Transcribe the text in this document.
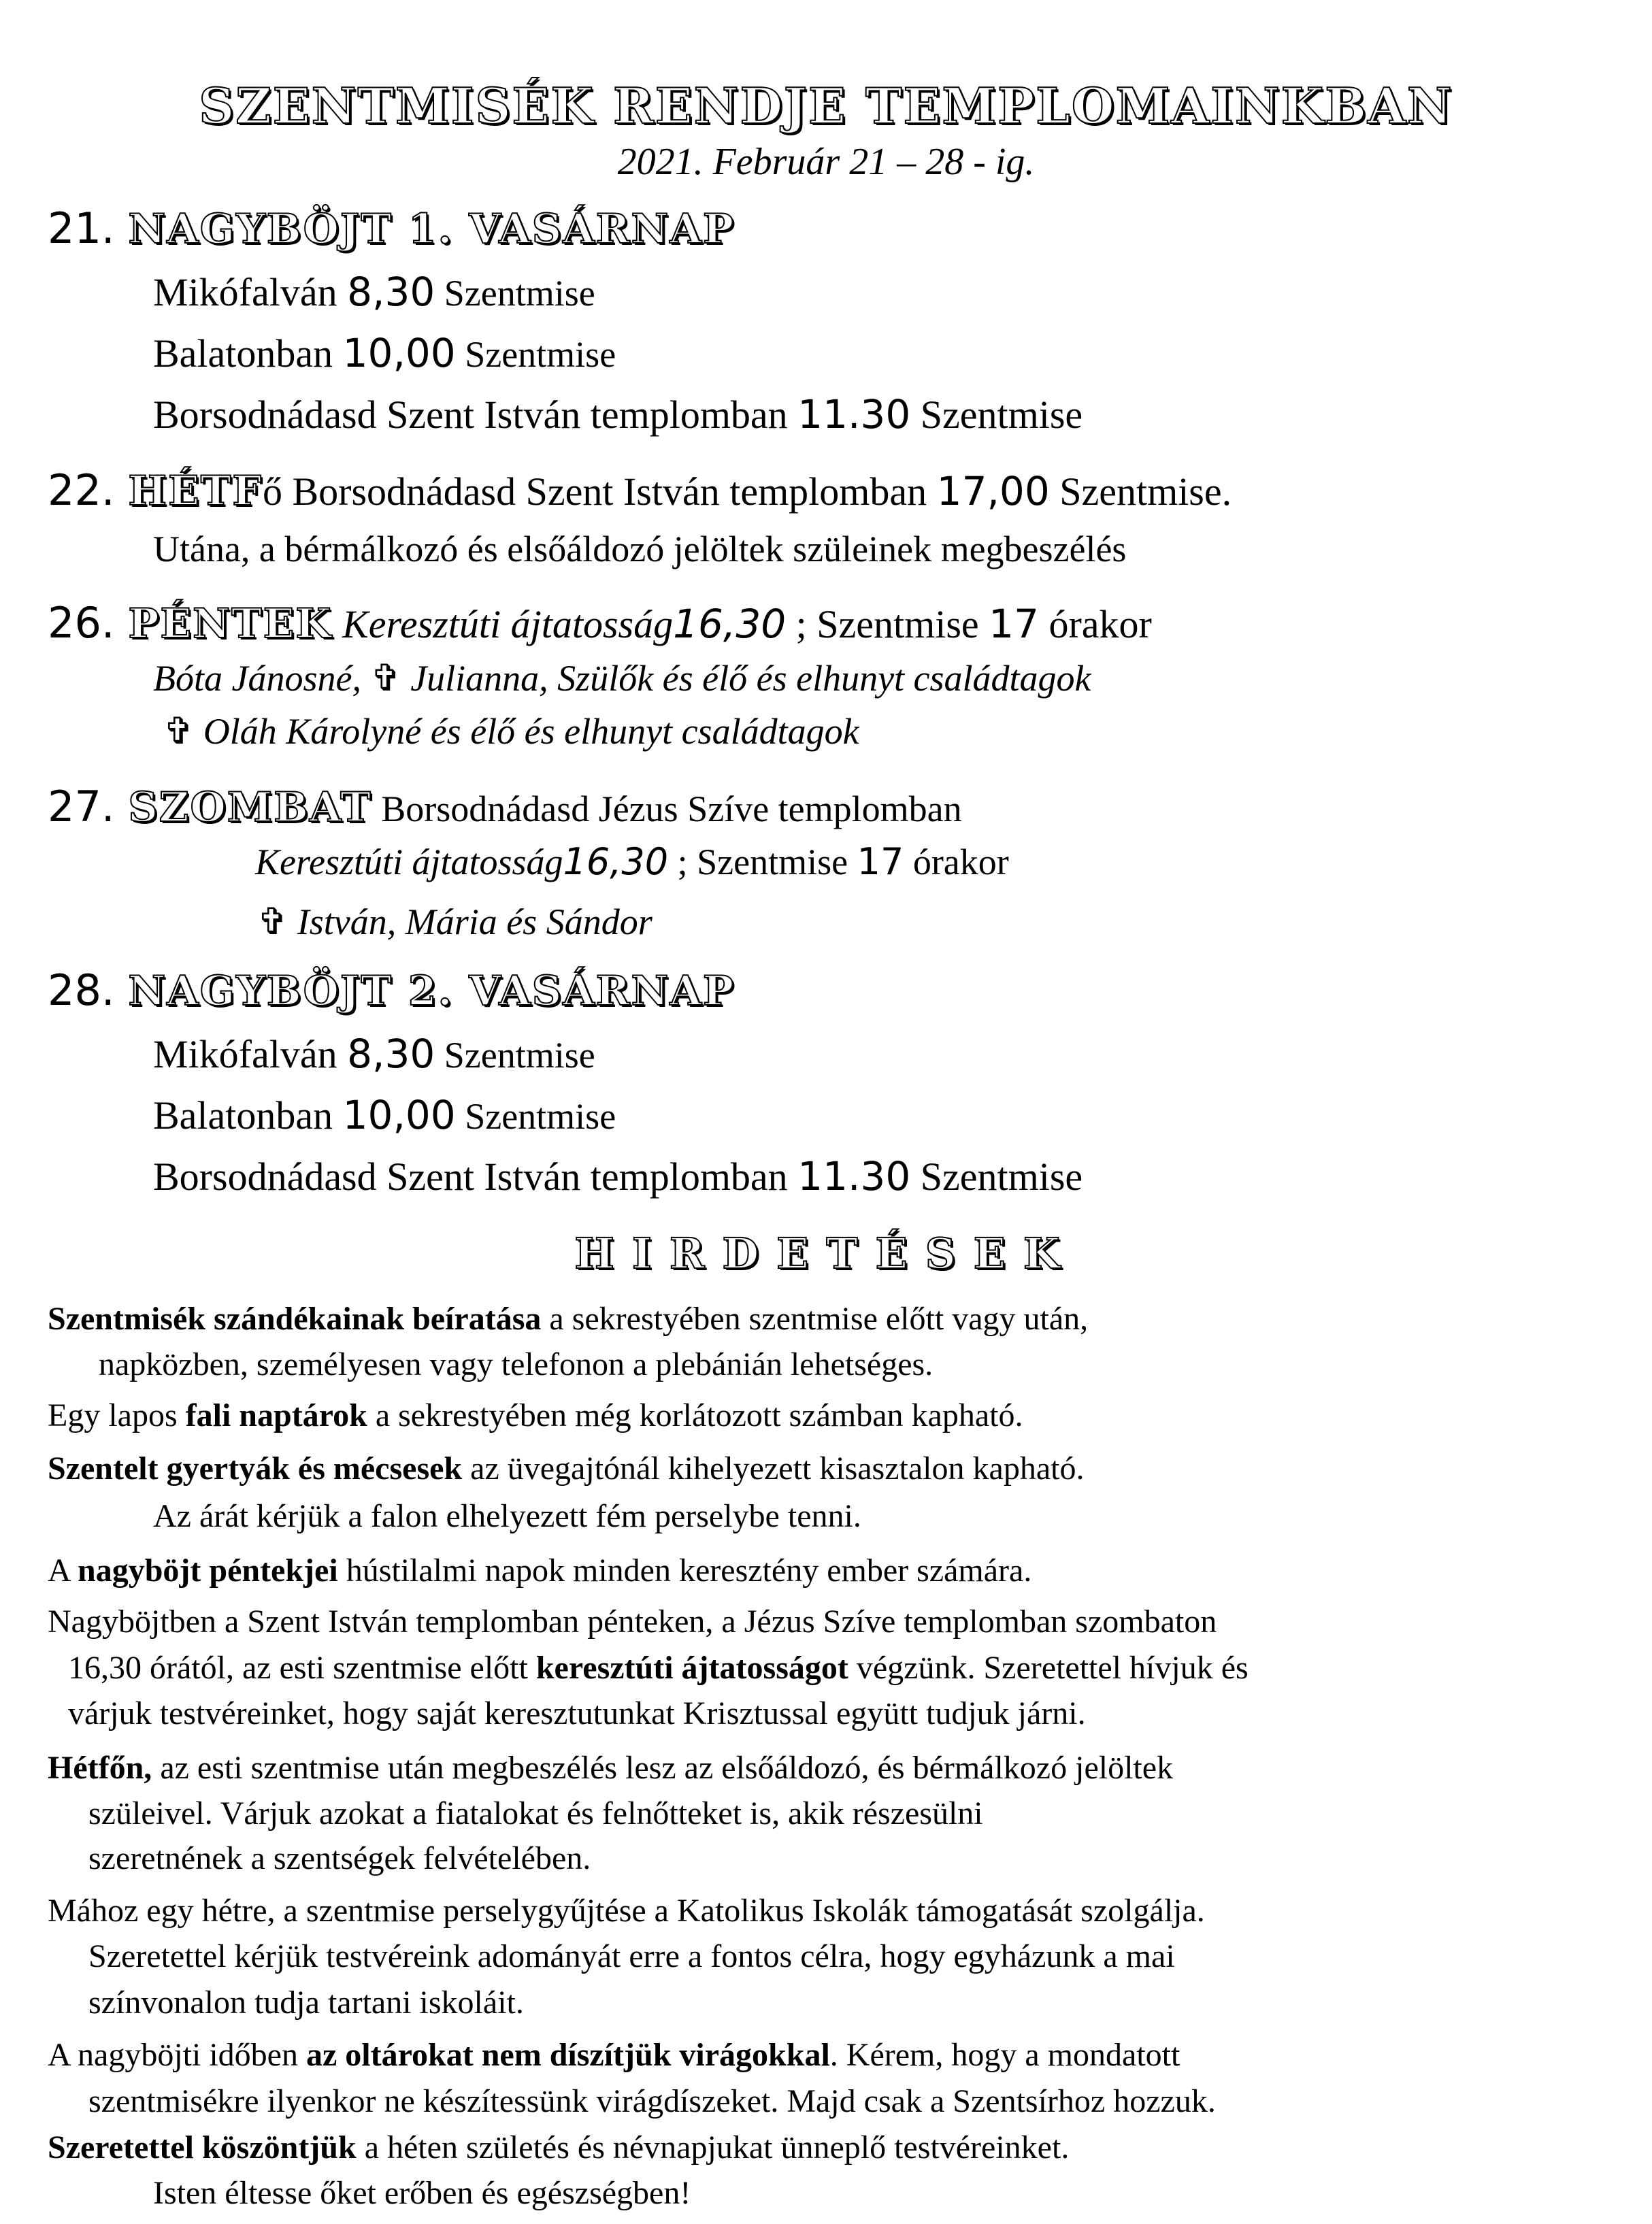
SZENTMISÉK RENDJE TEMPLOMAINKBAN
2021. Február 21 – 28 - ig.
21. NAGYBÖJT 1. VASÁRNAP
Mikófalván 8,30 Szentmise
Balatonban 10,00 Szentmise
Borsodnádasd Szent István templomban 11.30 Szentmise
22. HÉTFő Borsodnádasd Szent István templomban 17,00 Szentmise.
Utána, a bérmálkozó és elsőáldozó jelöltek szüleinek megbeszélés
26. PÉNTEK Keresztúti ájtatosság16,30 ; Szentmise 17 órakor
Bóta Jánosné, ✞ Julianna, Szülők és élő és elhunyt családtagok
✞ Oláh Károlyné és élő és elhunyt családtagok
27. SZOMBAT Borsodnádasd Jézus Szíve templomban
Keresztúti ájtatosság16,30 ; Szentmise 17 órakor
✞ István, Mária és Sándor
28. NAGYBÖJT 2. VASÁRNAP
Mikófalván 8,30 Szentmise
Balatonban 10,00 Szentmise
Borsodnádasd Szent István templomban 11.30 Szentmise
HIRDETÉSEK
Szentmisék szándékainak beíratása a sekrestyében szentmise előtt vagy után,
napközben, személyesen vagy telefonon a plebánián lehetséges.
Egy lapos fali naptárok a sekrestyében még korlátozott számban kapható.
Szentelt gyertyák és mécsesek az üvegajtónál kihelyezett kisasztalon kapható.
Az árát kérjük a falon elhelyezett fém perselybe tenni.
A nagyböjt péntekjei hústilalmi napok minden keresztény ember számára.
Nagyböjtben a Szent István templomban pénteken, a Jézus Szíve templomban szombaton
16,30 órától, az esti szentmise előtt keresztúti ájtatosságot végzünk. Szeretettel hívjuk és
várjuk testvéreinket, hogy saját keresztutunkat Krisztussal együtt tudjuk járni.
Hétfőn, az esti szentmise után megbeszélés lesz az elsőáldozó, és bérmálkozó jelöltek
szüleivel. Várjuk azokat a fiatalokat és felnőtteket is, akik részesülni
szeretnének a szentségek felvételében.
Mához egy hétre, a szentmise perselygyűjtése a Katolikus Iskolák támogatását szolgálja.
Szeretettel kérjük testvéreink adományát erre a fontos célra, hogy egyházunk a mai
színvonalon tudja tartani iskoláit.
A nagyböjti időben az oltárokat nem díszítjük virágokkal. Kérem, hogy a mondatott
szentmisékre ilyenkor ne készítessünk virágdíszeket. Majd csak a Szentsírhoz hozzuk.
Szeretettel köszöntjük a héten születés és névnapjukat ünneplő testvéreinket.
Isten éltesse őket erőben és egészségben!
